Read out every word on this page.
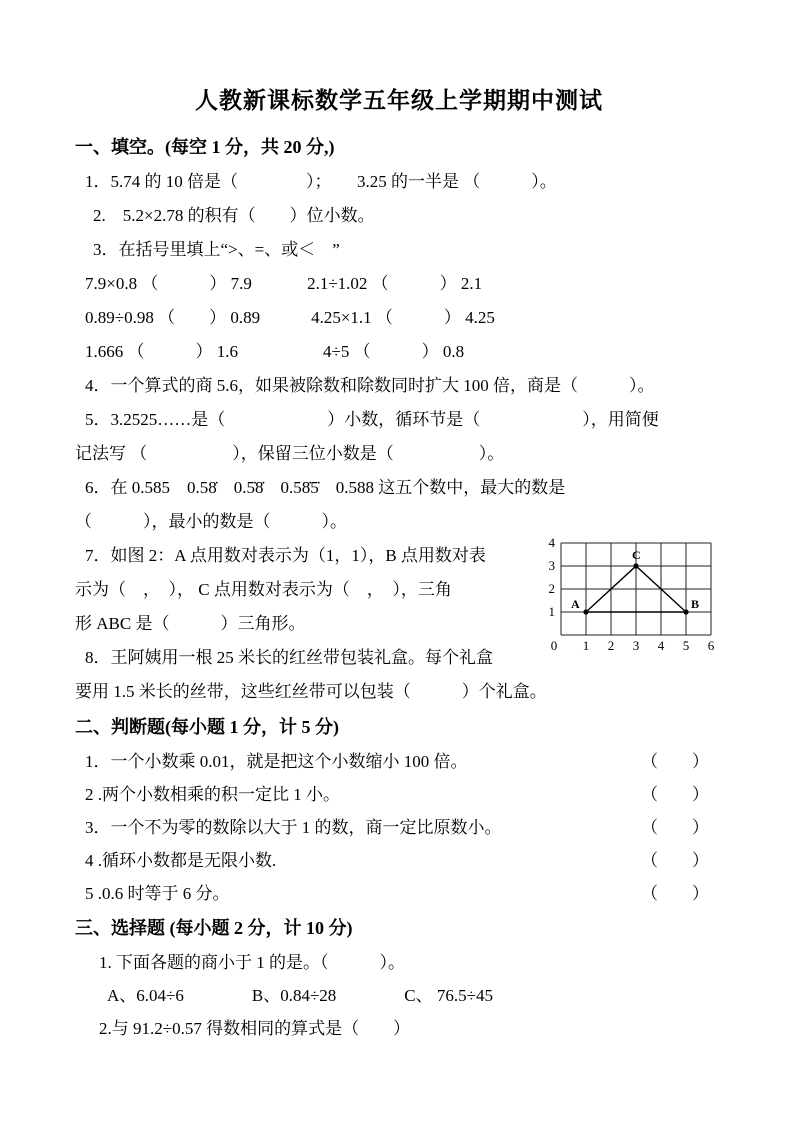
人教新课标数学五年级上学期期中测试
一、填空。(每空 1 分，共 20 分,)
1．5.74 的 10 倍是（　　　　）；　　3.25 的一半是 （　　　）。
2.　5.2×2.78 的积有（　　）位小数。
3．在括号里填上“>、=、或＜　”
7.9×0.8 （　　　） 7.9　　　 2.1÷1.02 （　　　） 2.1
0.89÷0.98 （　　） 0.89　　　4.25×1.1 （　　　） 4.25
1.666 （　　　） 1.6　　　　　4÷5 （　　　） 0.8
4．一个算式的商 5.6，如果被除数和除数同时扩大 100 倍，商是（　　　）。
5．3.2525……是（　　　　　　）小数，循环节是（　　　　　　），用简便
记法写 （　　　　　），保留三位小数是（　　　　　）。
6．在 0.585　0.58̇　0.5̇8̇　0.58̇5̇　0.588 这五个数中，最大的数是
（　　　），最小的数是（　　　）。
0 1 2 3 4 5 6
1
2
3
4
A
C
B
7．如图 2：A 点用数对表示为（1，1），B 点用数对表
示为（　，　）， C 点用数对表示为（　，　），三角
形 ABC 是（　　　）三角形。
8．王阿姨用一根 25 米长的红丝带包装礼盒。每个礼盒
要用 1.5 米长的丝带，这些红丝带可以包装（　　　）个礼盒。
二、判断题(每小题 1 分，计 5 分)
1．一个小数乘 0.01，就是把这个小数缩小 100 倍。	（　　）
2 .两个小数相乘的积一定比 1 小。	（　　）
3．一个不为零的数除以大于 1 的数，商一定比原数小。	（　　）
4 .循环小数都是无限小数.	（　　）
5 .0.6 时等于 6 分。	（　　）
三、选择题 (每小题 2 分，计 10 分)
1. 下面各题的商小于 1 的是。（　　　）。
A、6.04÷6　　　　B、0.84÷28　　　　C、 76.5÷45
2.与 91.2÷0.57 得数相同的算式是（　　）
